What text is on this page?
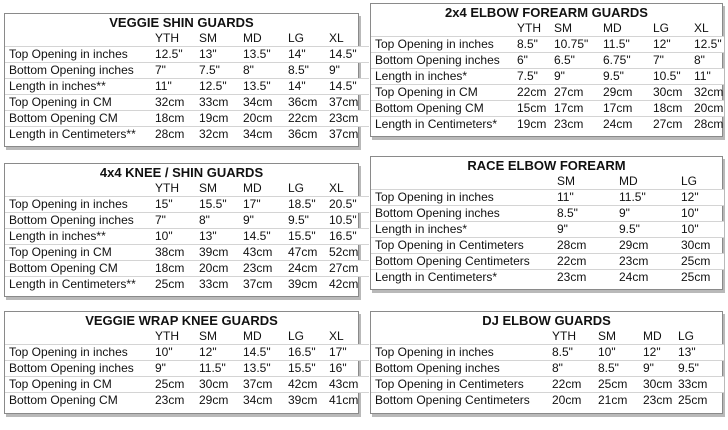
VEGGIE SHIN GUARDS
	YTH	SM	MD	LG	XL
Top Opening in inches	12.5"	13"	13.5"	14"	14.5"
Bottom Opening inches	7"	7.5"	8"	8.5"	9"
Length in inches**	11"	12.5"	13.5"	14"	14.5"
Top Opening in CM	32cm	33cm	34cm	36cm	37cm
Bottom Opening CM	18cm	19cm	20cm	22cm	23cm
Length in Centimeters**	28cm	32cm	34cm	36cm	37cm
4x4 KNEE / SHIN GUARDS
	YTH	SM	MD	LG	XL
Top Opening in inches	15"	15.5"	17"	18.5"	20.5"
Bottom Opening inches	7"	8"	9"	9.5"	10.5"
Length in inches**	10"	13"	14.5"	15.5"	16.5"
Top Opening in CM	38cm	39cm	43cm	47cm	52cm
Bottom Opening CM	18cm	20cm	23cm	24cm	27cm
Length in Centimeters**	25cm	33cm	37cm	39cm	42cm
VEGGIE WRAP KNEE GUARDS
	YTH	SM	MD	LG	XL
Top Opening in inches	10"	12"	14.5"	16.5"	17"
Bottom Opening inches	9"	11.5"	13.5"	15.5"	16"
Top Opening in CM	25cm	30cm	37cm	42cm	43cm
Bottom Opening CM	23cm	29cm	34cm	39cm	41cm
2x4 ELBOW FOREARM GUARDS
	YTH	SM	MD	LG	XL
Top Opening in inches	8.5"	10.75"	11.5"	12"	12.5"
Bottom Opening inches	6"	6.5"	6.75"	7"	8"
Length in inches*	7.5"	9"	9.5"	10.5"	11"
Top Opening in CM	22cm	27cm	29cm	30cm	32cm
Bottom Opening CM	15cm	17cm	17cm	18cm	20cm
Length in Centimeters*	19cm	23cm	24cm	27cm	28cm
RACE ELBOW FOREARM
	SM	MD	LG
Top Opening in inches	11"	11.5"	12"
Bottom Opening inches	8.5"	9"	10"
Length in inches*	9"	9.5"	10"
Top Opening in Centimeters	28cm	29cm	30cm
Bottom Opening Centimeters	22cm	23cm	25cm
Length in Centimeters*	23cm	24cm	25cm
DJ ELBOW GUARDS
	YTH	SM	MD	LG
Top Opening in inches	8.5"	10"	12"	13"
Bottom Opening inches	8"	8.5"	9"	9.5"
Top Opening in Centimeters	22cm	25cm	30cm	33cm
Bottom Opening Centimeters	20cm	21cm	23cm	25cm
